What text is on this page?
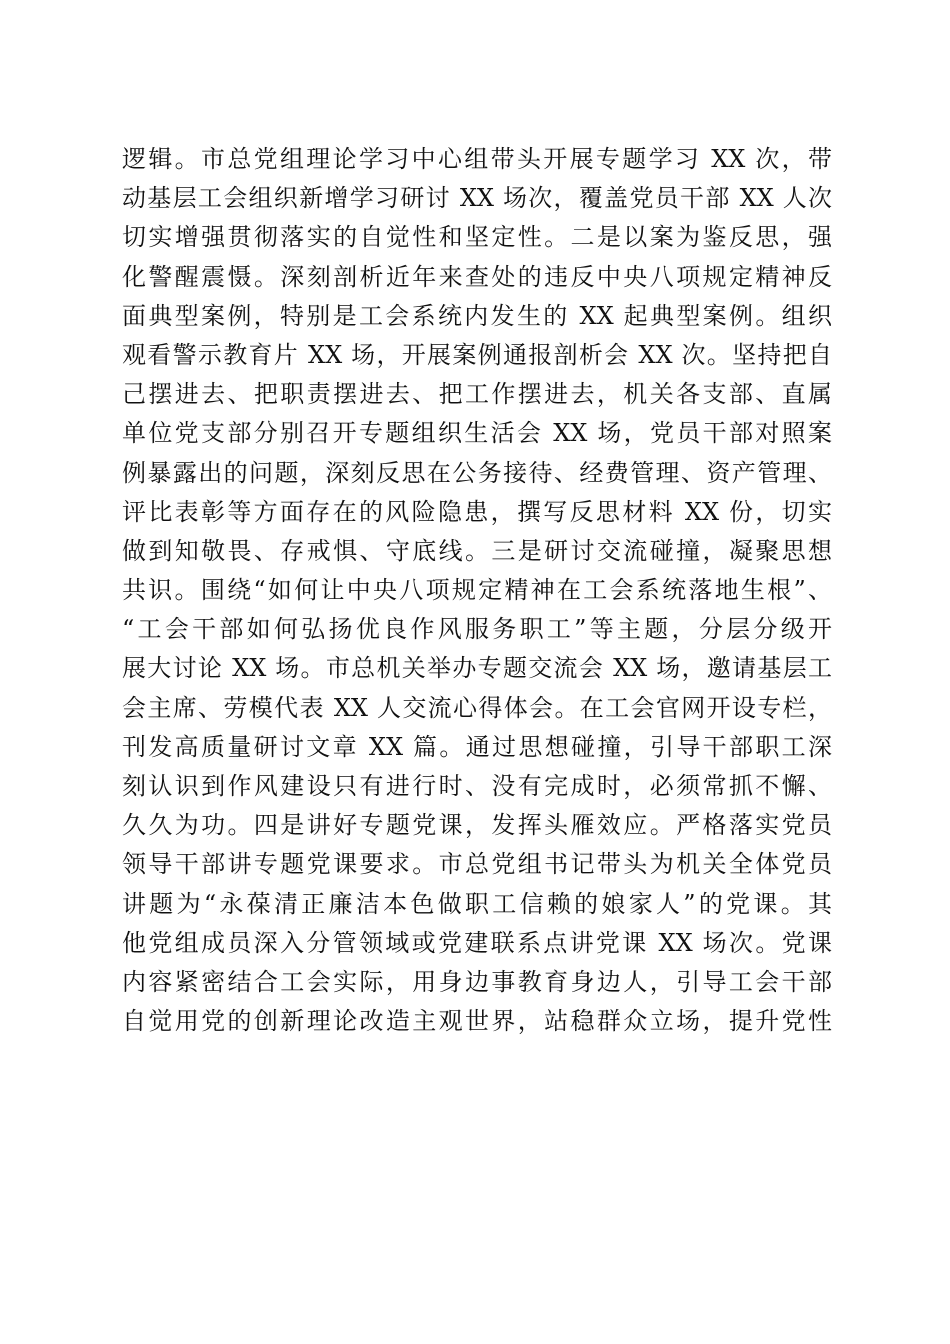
逻辑。市总党组理论学习中心组带头开展专题学习 XX 次，带
动基层工会组织新增学习研讨 XX 场次，覆盖党员干部 XX 人次
切实增强贯彻落实的自觉性和坚定性。二是以案为鉴反思，强
化警醒震慑。深刻剖析近年来查处的违反中央八项规定精神反
面典型案例，特别是工会系统内发生的 XX 起典型案例。组织
观看警示教育片 XX 场，开展案例通报剖析会 XX 次。坚持把自
己摆进去、把职责摆进去、把工作摆进去，机关各支部、直属
单位党支部分别召开专题组织生活会 XX 场，党员干部对照案
例暴露出的问题，深刻反思在公务接待、经费管理、资产管理、
评比表彰等方面存在的风险隐患，撰写反思材料 XX 份，切实
做到知敬畏、存戒惧、守底线。三是研讨交流碰撞，凝聚思想
共识。围绕“如何让中央八项规定精神在工会系统落地生根”、
“工会干部如何弘扬优良作风服务职工”等主题，分层分级开
展大讨论 XX 场。市总机关举办专题交流会 XX 场，邀请基层工
会主席、劳模代表 XX 人交流心得体会。在工会官网开设专栏，
刊发高质量研讨文章 XX 篇。通过思想碰撞，引导干部职工深
刻认识到作风建设只有进行时、没有完成时，必须常抓不懈、
久久为功。四是讲好专题党课，发挥头雁效应。严格落实党员
领导干部讲专题党课要求。市总党组书记带头为机关全体党员
讲题为“永葆清正廉洁本色做职工信赖的娘家人”的党课。其
他党组成员深入分管领域或党建联系点讲党课 XX 场次。党课
内容紧密结合工会实际，用身边事教育身边人，引导工会干部
自觉用党的创新理论改造主观世界，站稳群众立场，提升党性
